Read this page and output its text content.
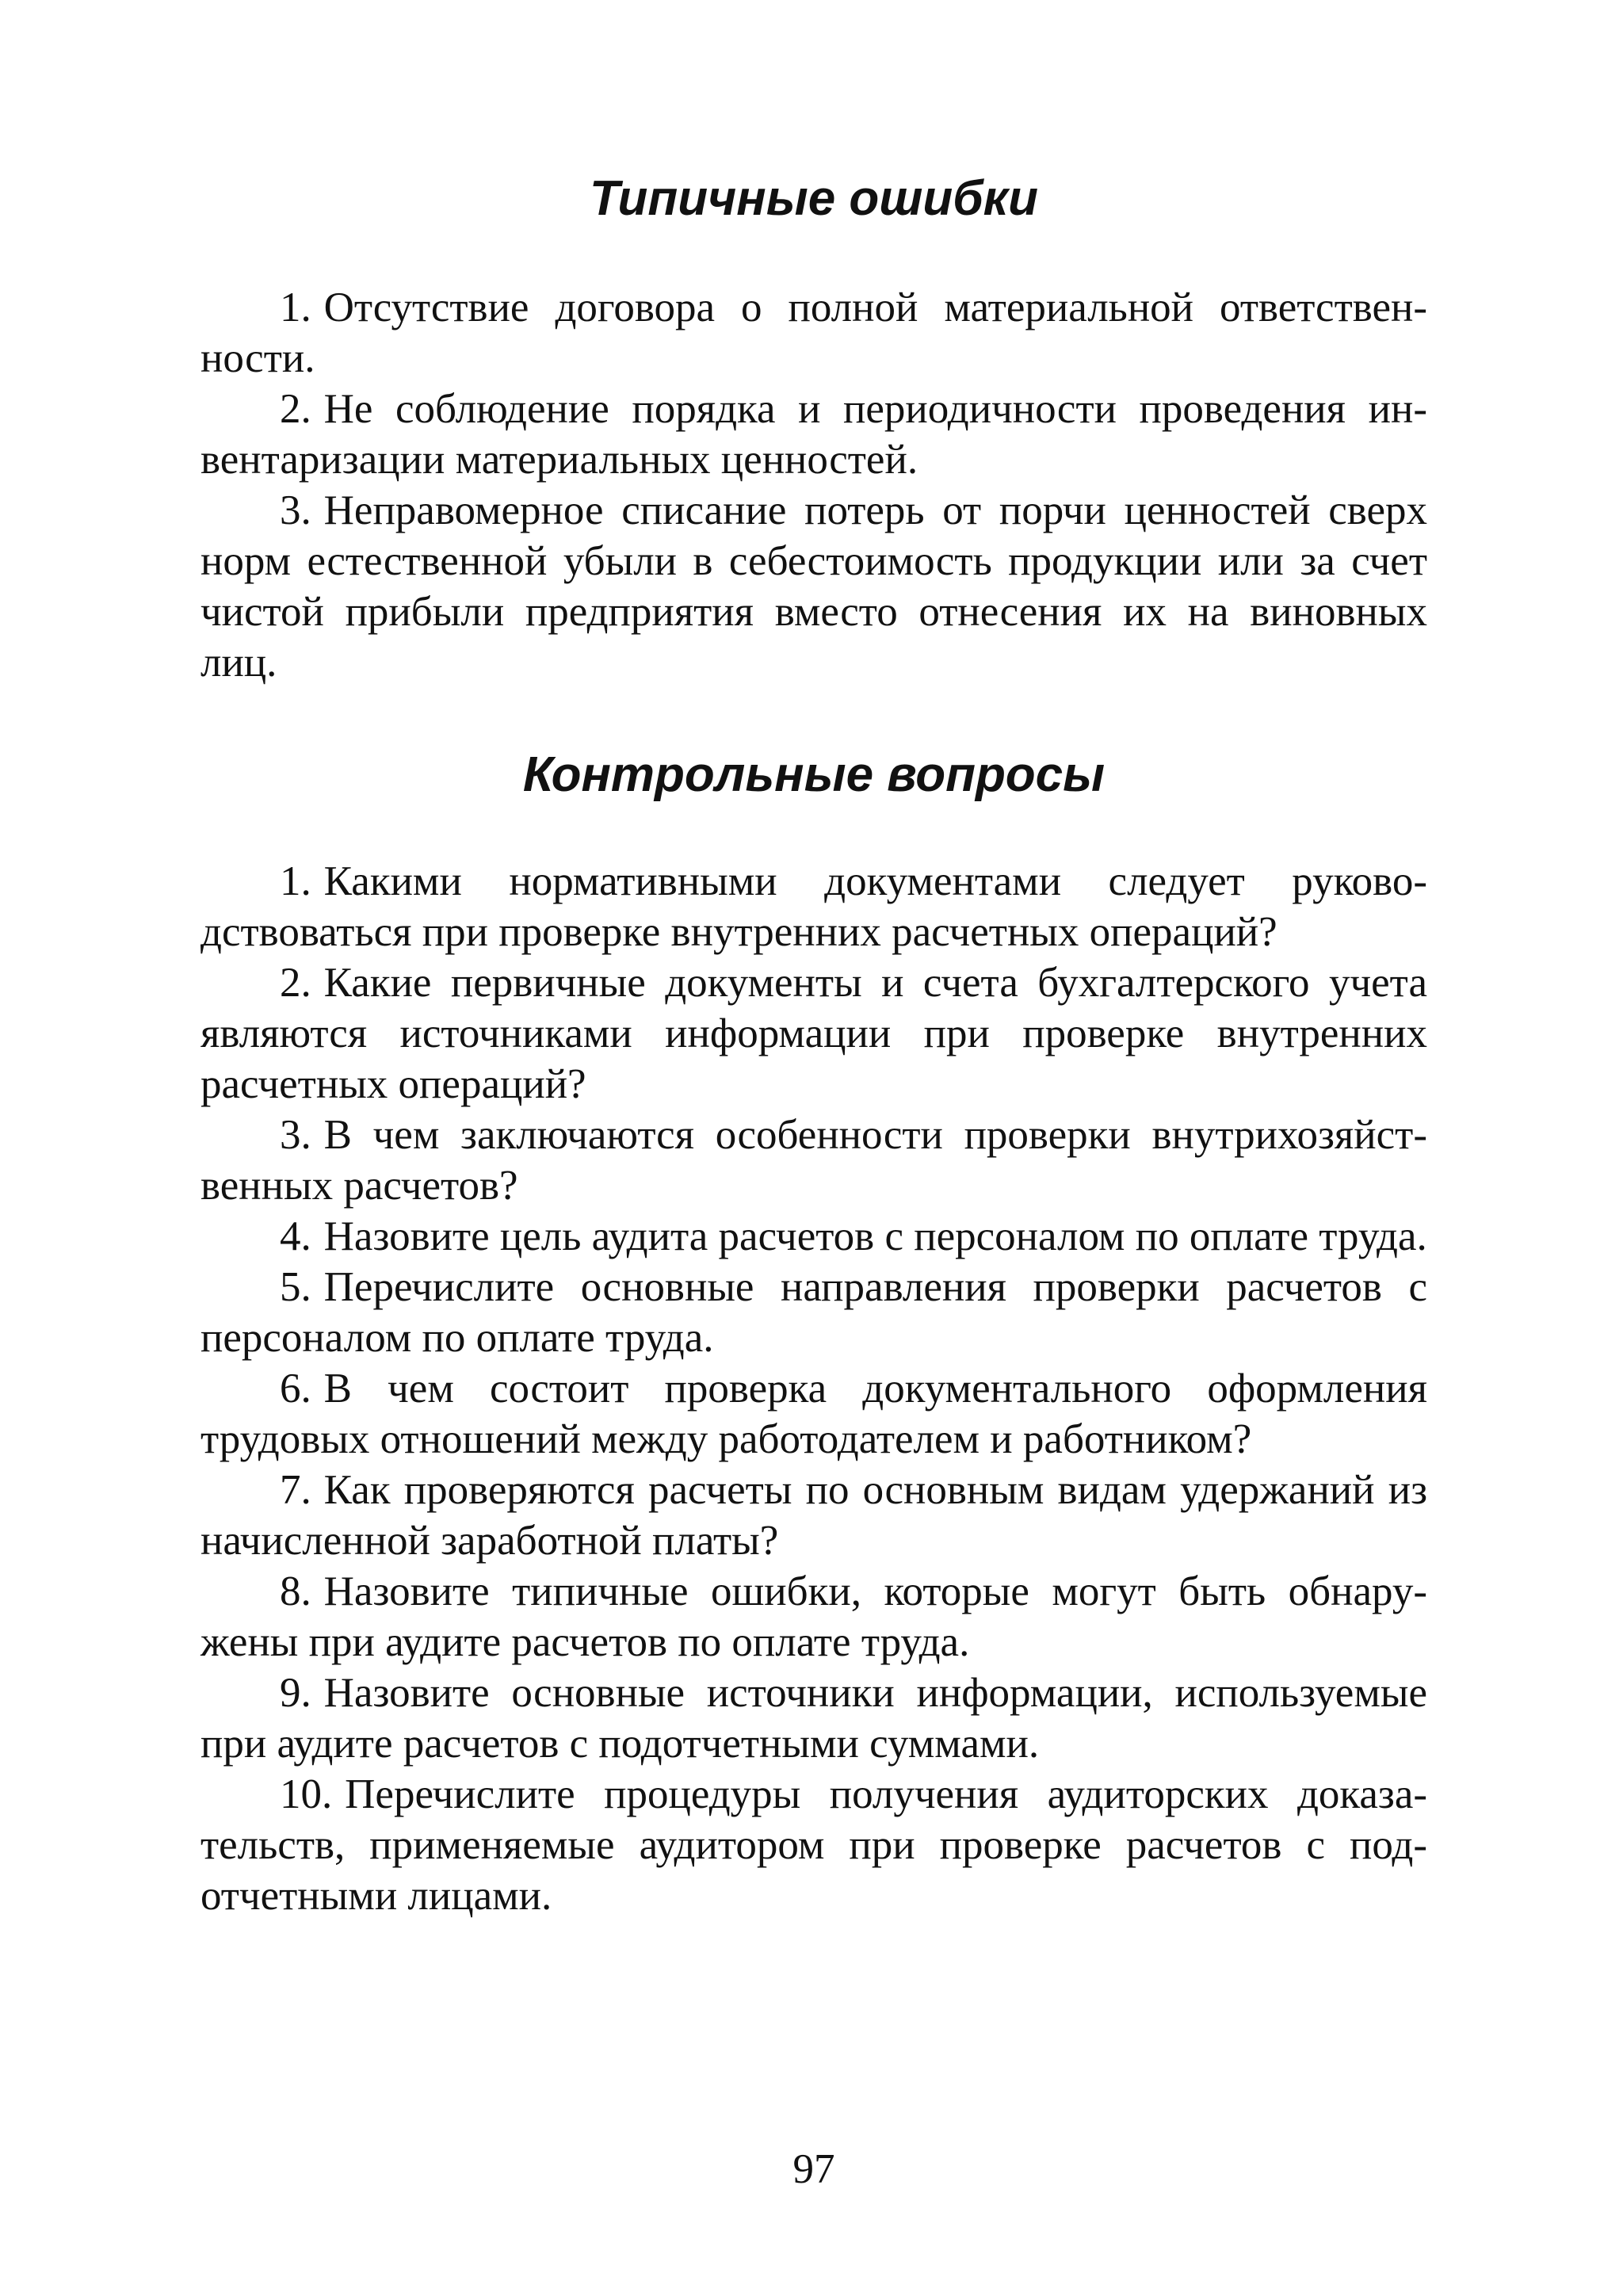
Типичные ошибки

1. Отсутствие договора о полной материальной ответственности.

2. Не соблюдение порядка и периодичности проведения инвентаризации материальных ценностей.

3. Неправомерное списание потерь от порчи ценностей сверх норм естественной убыли в себестоимость продукции или за счет чистой прибыли предприятия вместо отнесения их на виновных лиц.

Контрольные вопросы

1. Какими нормативными документами следует руководствоваться при проверке внутренних расчетных операций?

2. Какие первичные документы и счета бухгалтерского учета являются источниками информации при проверке внутренних расчетных операций?

3. В чем заключаются особенности проверки внутрихозяйственных расчетов?

4. Назовите цель аудита расчетов с персоналом по оплате труда.

5. Перечислите основные направления проверки расчетов с персоналом по оплате труда.

6. В чем состоит проверка документального оформления трудовых отношений между работодателем и работником?

7. Как проверяются расчеты по основным видам удержаний из начисленной заработной платы?

8. Назовите типичные ошибки, которые могут быть обнаружены при аудите расчетов по оплате труда.

9. Назовите основные источники информации, используемые при аудите расчетов с подотчетными суммами.

10. Перечислите процедуры получения аудиторских доказательств, применяемые аудитором при проверке расчетов с подотчетными лицами.

97
